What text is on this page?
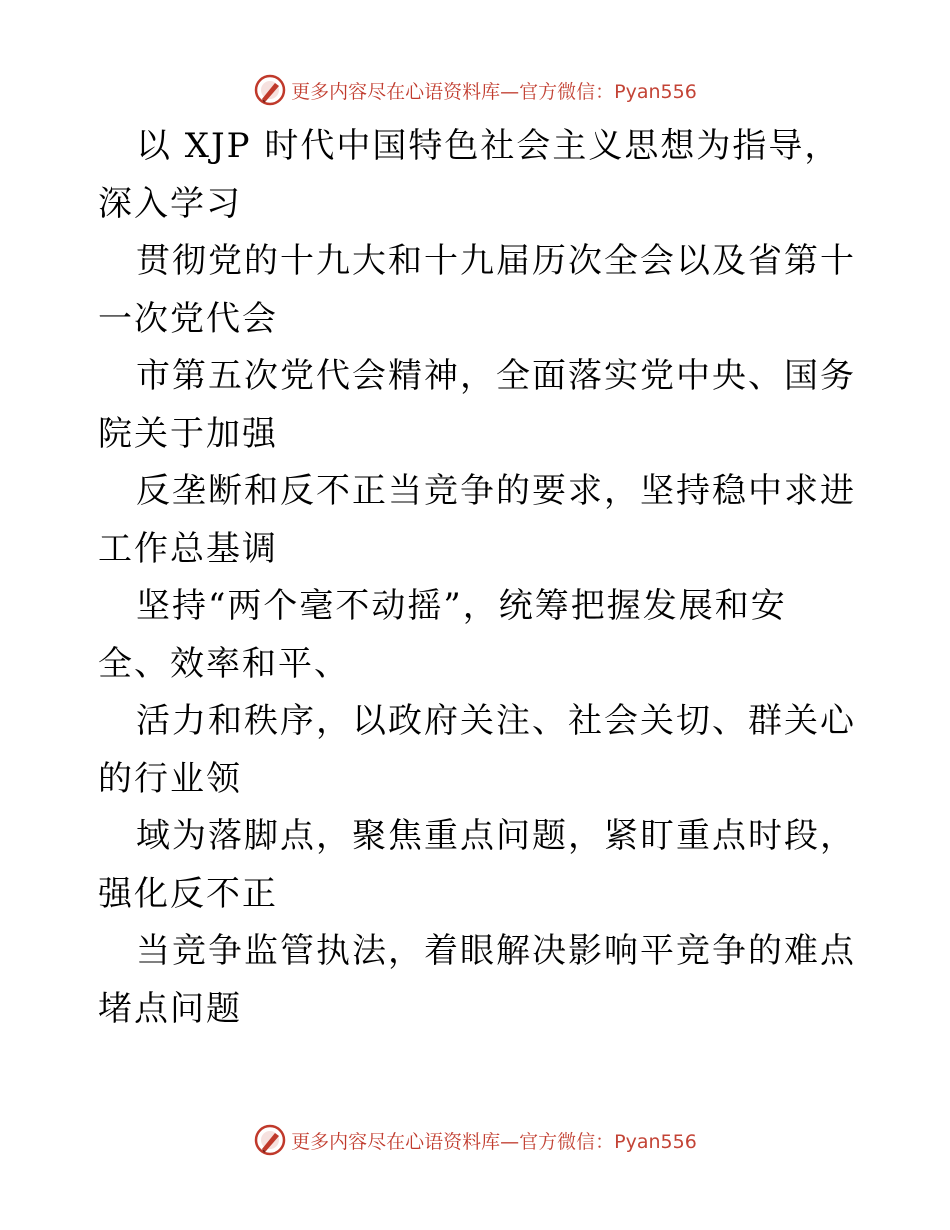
更多内容尽在心语资料库 —官方微信：Pyan556

以 XJP 时代中国特色社会主义思想为指导，深入学习

贯彻党的十九大和十九届历次全会以及省第十一次党代会

市第五次党代会精神，全面落实党中央、国务院关于加强

反垄断和反不正当竞争的要求，坚持稳中求进工作总基调

坚持“两个毫不动摇”，统筹把握发展和安全、效率和平、

活力和秩序，以政府关注、社会关切、群关心的行业领

域为落脚点，聚焦重点问题，紧盯重点时段，强化反不正

当竞争监管执法，着眼解决影响平竞争的难点堵点问题

更多内容尽在心语资料库 —官方微信：Pyan556
